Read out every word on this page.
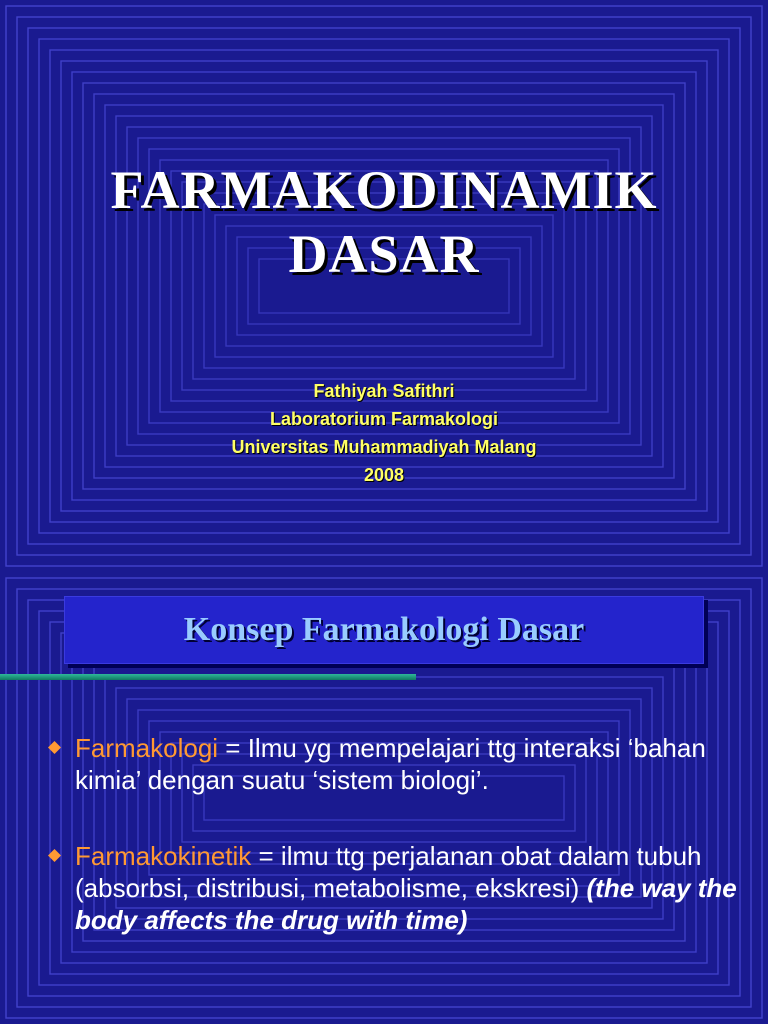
FARMAKODINAMIK
DASAR
Fathiyah Safithri
Laboratorium Farmakologi
Universitas Muhammadiyah Malang
2008
Konsep Farmakologi Dasar
Farmakologi = Ilmu yg mempelajari ttg interaksi ‘bahan kimia’ dengan suatu ‘sistem biologi’.
Farmakokinetik = ilmu ttg perjalanan obat dalam tubuh (absorbsi, distribusi, metabolisme, ekskresi) (the way the body affects the drug with time)
